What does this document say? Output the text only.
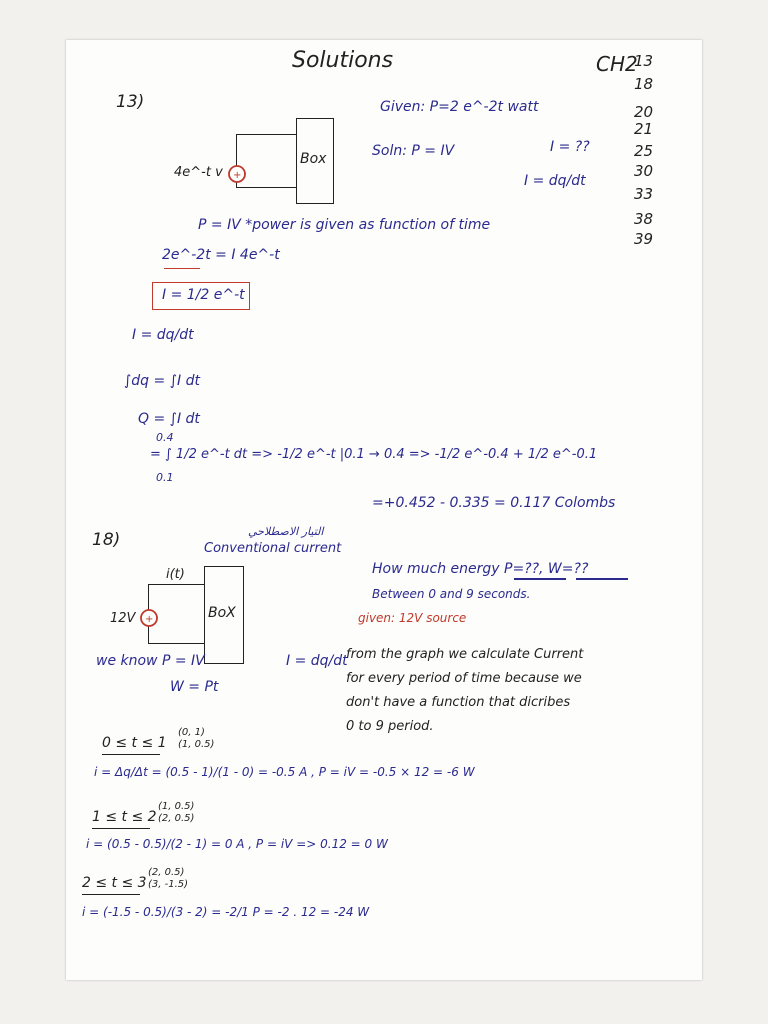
Solutions	CH2
13
18
20
21
25
30
33
38
39
13)	Given: P=2 e^-2t watt
Box
+
4e^-t v
Soln: P = IV	I = ??
I = dq/dt
P = IV *power is given as function of time
2e^-2t = I 4e^-t
I = 1/2 e^-t
I = dq/dt
∫dq = ∫I dt
Q = ∫I dt
= ∫ 1/2 e^-t dt => -1/2 e^-t |0.1 → 0.4 => -1/2 e^-0.4 + 1/2 e^-0.1
0.1
0.4
=+0.452 - 0.335 = 0.117 Colombs
18)	التيار الاصطلاحي
Conventional current
BoX
+
12V
i(t)	How much energy P=??, W=??
Between 0 and 9 seconds.
given: 12V source
we know P = IV
W = Pt
I = dq/dt
from the graph we calculate Current
for every period of time because we
don't have a function that dicribes
0 to 9 period.
0 ≤ t ≤ 1
(0, 1)
(1, 0.5)
i = Δq/Δt = (0.5 - 1)/(1 - 0) = -0.5 A , P = iV = -0.5 × 12 = -6 W
1 ≤ t ≤ 2
(1, 0.5)
(2, 0.5)
i = (0.5 - 0.5)/(2 - 1) = 0 A , P = iV => 0.12 = 0 W
2 ≤ t ≤ 3
(2, 0.5)
(3, -1.5)
i = (-1.5 - 0.5)/(3 - 2) = -2/1 P = -2 . 12 = -24 W
